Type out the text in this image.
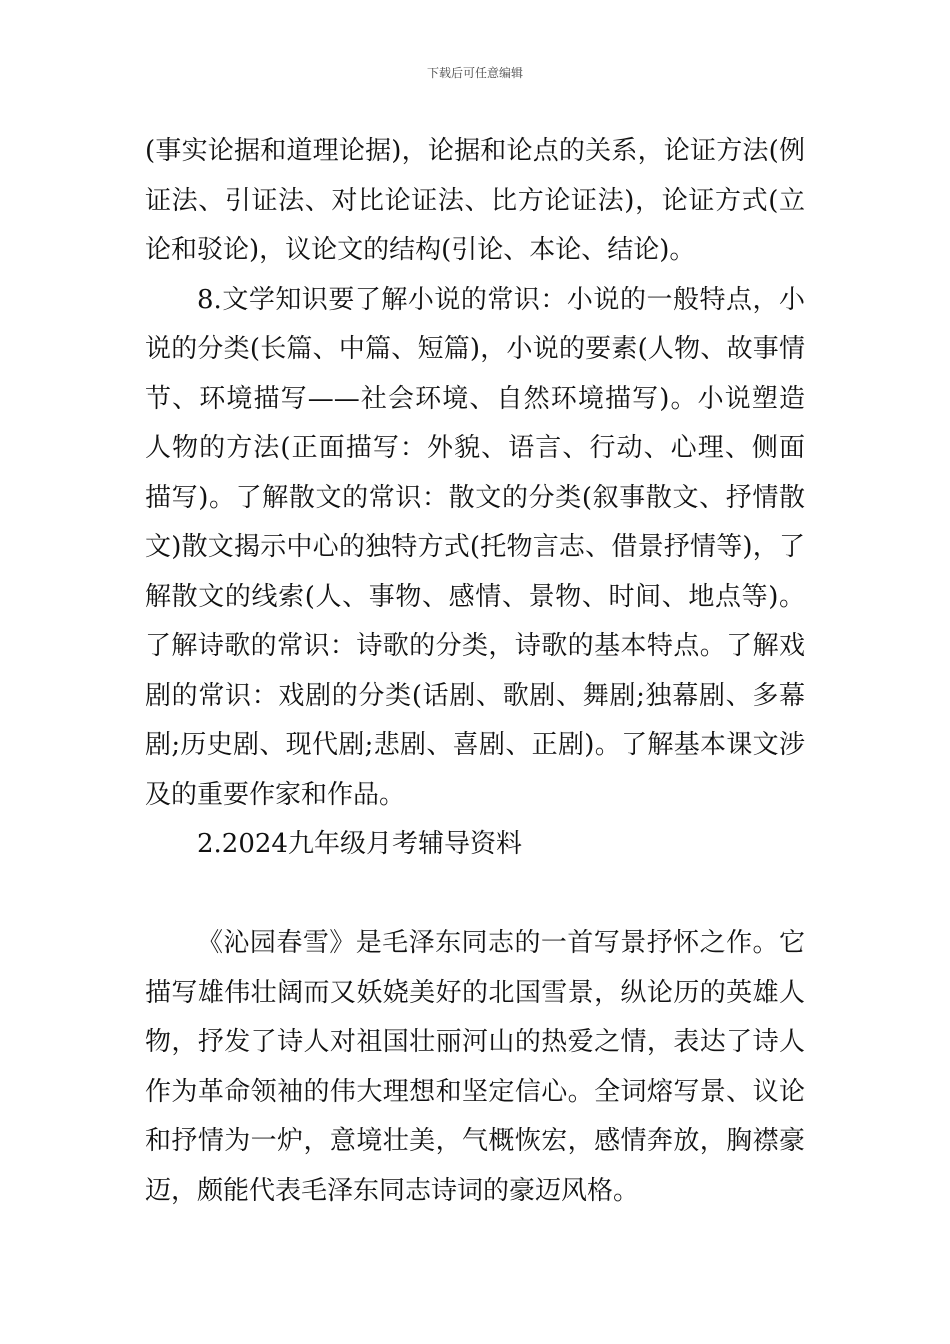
下载后可任意编辑

(事实论据和道理论据)，论据和论点的关系，论证方法(例证法、引证法、对比论证法、比方论证法)，论证方式(立论和驳论)，议论文的结构(引论、本论、结论)。

8.文学知识要了解小说的常识：小说的一般特点，小说的分类(长篇、中篇、短篇)，小说的要素(人物、故事情节、环境描写——社会环境、自然环境描写)。小说塑造人物的方法(正面描写：外貌、语言、行动、心理、侧面描写)。了解散文的常识：散文的分类(叙事散文、抒情散文)散文揭示中心的独特方式(托物言志、借景抒情等)，了解散文的线索(人、事物、感情、景物、时间、地点等)。了解诗歌的常识：诗歌的分类，诗歌的基本特点。了解戏剧的常识：戏剧的分类(话剧、歌剧、舞剧;独幕剧、多幕剧;历史剧、现代剧;悲剧、喜剧、正剧)。了解基本课文涉及的重要作家和作品。

2.2024九年级月考辅导资料

《沁园春雪》是毛泽东同志的一首写景抒怀之作。它描写雄伟壮阔而又妖娆美好的北国雪景，纵论历的英雄人物，抒发了诗人对祖国壮丽河山的热爱之情，表达了诗人作为革命领袖的伟大理想和坚定信心。全词熔写景、议论和抒情为一炉，意境壮美，气概恢宏，感情奔放，胸襟豪迈，颇能代表毛泽东同志诗词的豪迈风格。
